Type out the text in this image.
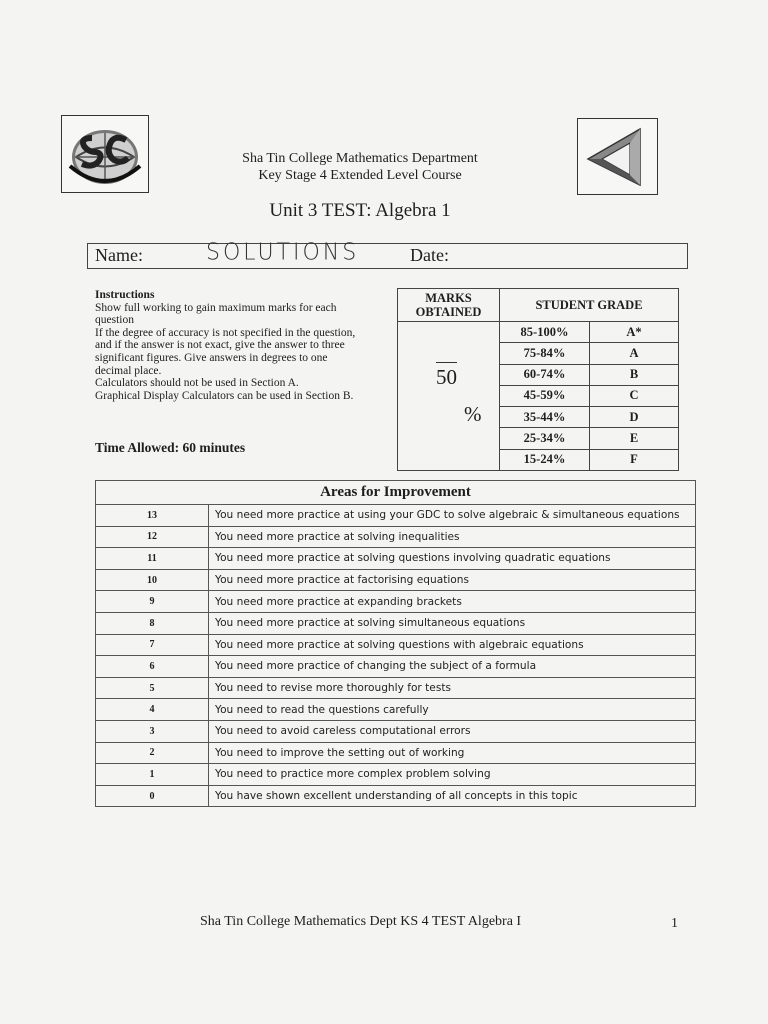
Sha Tin College Mathematics Department
Key Stage 4 Extended Level Course
Unit 3 TEST: Algebra 1
Name:	SOLUTIONS	Date:
Instructions
Show full working to gain maximum marks for each
question
If the degree of accuracy is not specified in the question,
and if the answer is not exact, give the answer to three
significant figures. Give answers in degrees to one
decimal place.
Calculators should not be used in Section A.
Graphical Display Calculators can be used in Section B.
Time Allowed: 60 minutes
MARKS
OBTAINED	STUDENT GRADE	

50
%	85-100%	A*
	75-84%	A
	60-74%	B
	45-59%	C
	35-44%	D
	25-34%	E
	15-24%	F
Areas for Improvement	
13	You need more practice at using your GDC to solve algebraic & simultaneous equations
12	You need more practice at solving inequalities
11	You need more practice at solving questions involving quadratic equations
10	You need more practice at factorising equations
9	You need more practice at expanding brackets
8	You need more practice at solving simultaneous equations
7	You need more practice at solving questions with algebraic equations
6	You need more practice of changing the subject of a formula
5	You need to revise more thoroughly for tests
4	You need to read the questions carefully
3	You need to avoid careless computational errors
2	You need to improve the setting out of working
1	You need to practice more complex problem solving
0	You have shown excellent understanding of all concepts in this topic
Sha Tin College Mathematics Dept KS 4 TEST Algebra I	1
